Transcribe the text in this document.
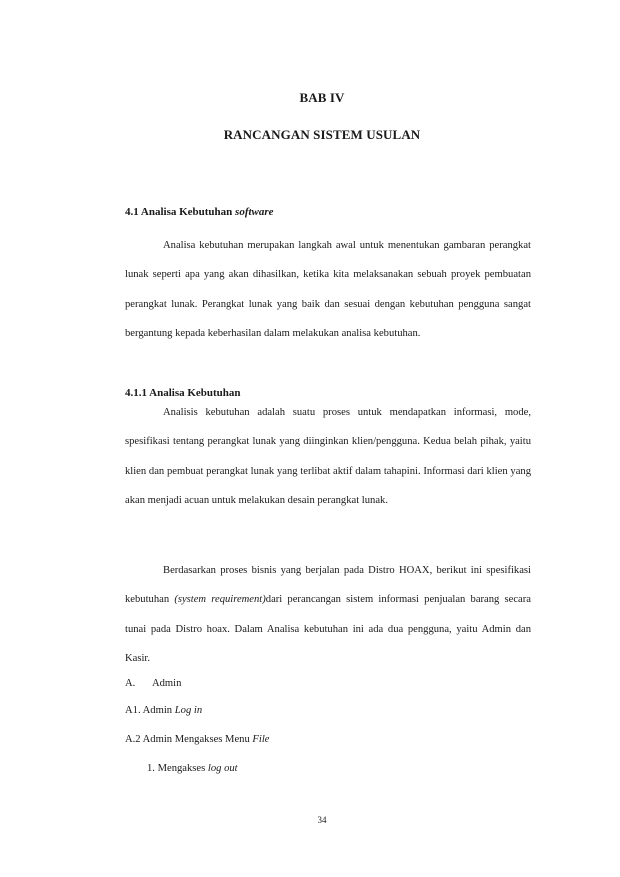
BAB IV
RANCANGAN SISTEM USULAN
4.1 Analisa Kebutuhan software

Analisa kebutuhan merupakan langkah awal untuk menentukan gambaran perangkat lunak seperti apa yang akan dihasilkan, ketika kita melaksanakan sebuah proyek pembuatan perangkat lunak. Perangkat lunak yang baik dan sesuai dengan kebutuhan pengguna sangat bergantung kepada keberhasilan dalam melakukan analisa kebutuhan.

4.1.1 Analisa Kebutuhan

Analisis kebutuhan adalah suatu proses untuk mendapatkan informasi, mode, spesifikasi tentang perangkat lunak yang diinginkan klien/pengguna. Kedua belah pihak, yaitu klien dan pembuat perangkat lunak yang terlibat aktif dalam tahapini. Informasi dari klien yang akan menjadi acuan untuk melakukan desain perangkat lunak.

Berdasarkan proses bisnis yang berjalan pada Distro HOAX, berikut ini spesifikasi kebutuhan (system requirement)dari perancangan sistem informasi penjualan barang secara tunai pada Distro hoax. Dalam Analisa kebutuhan ini ada dua pengguna, yaitu Admin dan Kasir.

A. Admin
A1. Admin Log in
A.2 Admin Mengakses Menu File
1. Mengakses log out
34
